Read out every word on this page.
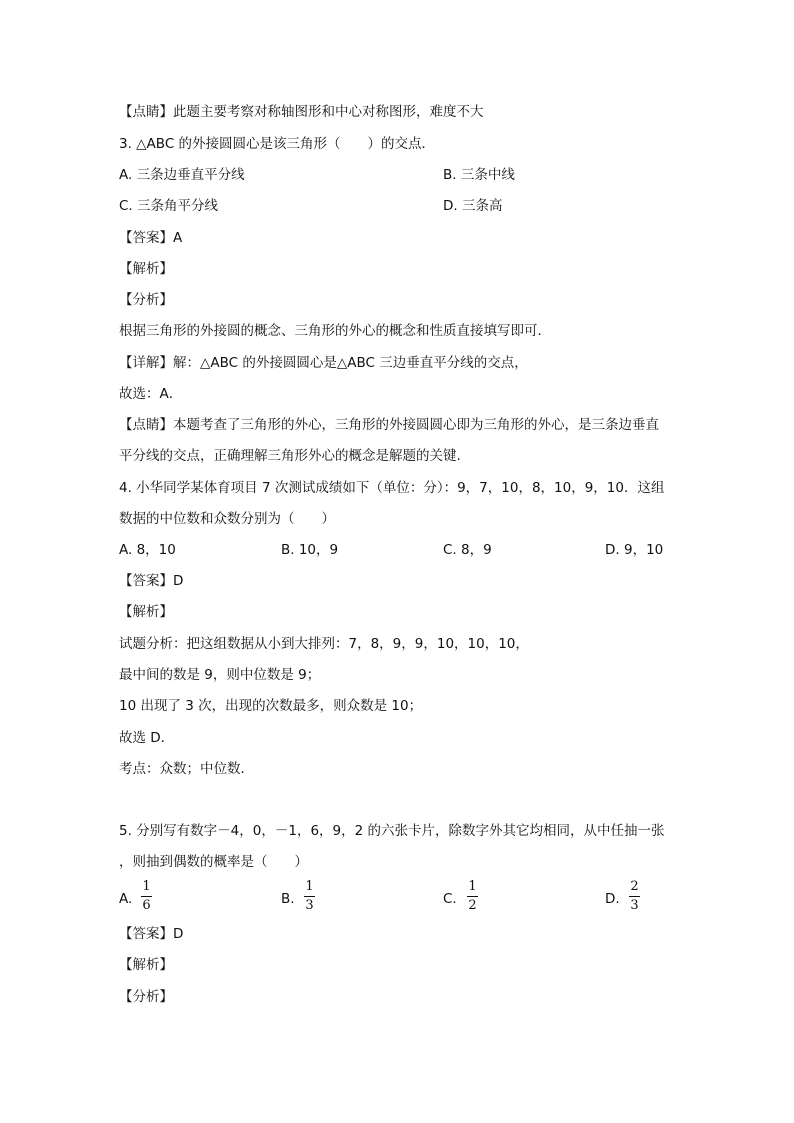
【点睛】此题主要考察对称轴图形和中心对称图形，难度不大
3. △ABC 的外接圆圆心是该三角形（　　）的交点．
A. 三条边垂直平分线	B. 三条中线
C. 三条角平分线	D. 三条高
【答案】A
【解析】
【分析】
根据三角形的外接圆的概念、三角形的外心的概念和性质直接填写即可．
【详解】解：△ABC 的外接圆圆心是△ABC 三边垂直平分线的交点，
故选：A．
【点睛】本题考查了三角形的外心，三角形的外接圆圆心即为三角形的外心，是三条边垂直
平分线的交点，正确理解三角形外心的概念是解题的关键.
4. 小华同学某体育项目 7 次测试成绩如下（单位：分）：9，7，10，8，10，9，10．这组
数据的中位数和众数分别为（　　）
A. 8，10	B. 10，9	C. 8，9	D. 9，10
【答案】D
【解析】
试题分析：把这组数据从小到大排列：7，8，9，9，10，10，10，
最中间的数是 9，则中位数是 9；
10 出现了 3 次，出现的次数最多，则众数是 10；
故选 D．
考点：众数；中位数．
5. 分别写有数字－4，0，－1，6，9，2 的六张卡片，除数字外其它均相同，从中任抽一张
，则抽到偶数的概率是（　　）
A.
1
6	B.
1
3	C.
1
2	D.
2
3
【答案】D
【解析】
【分析】
